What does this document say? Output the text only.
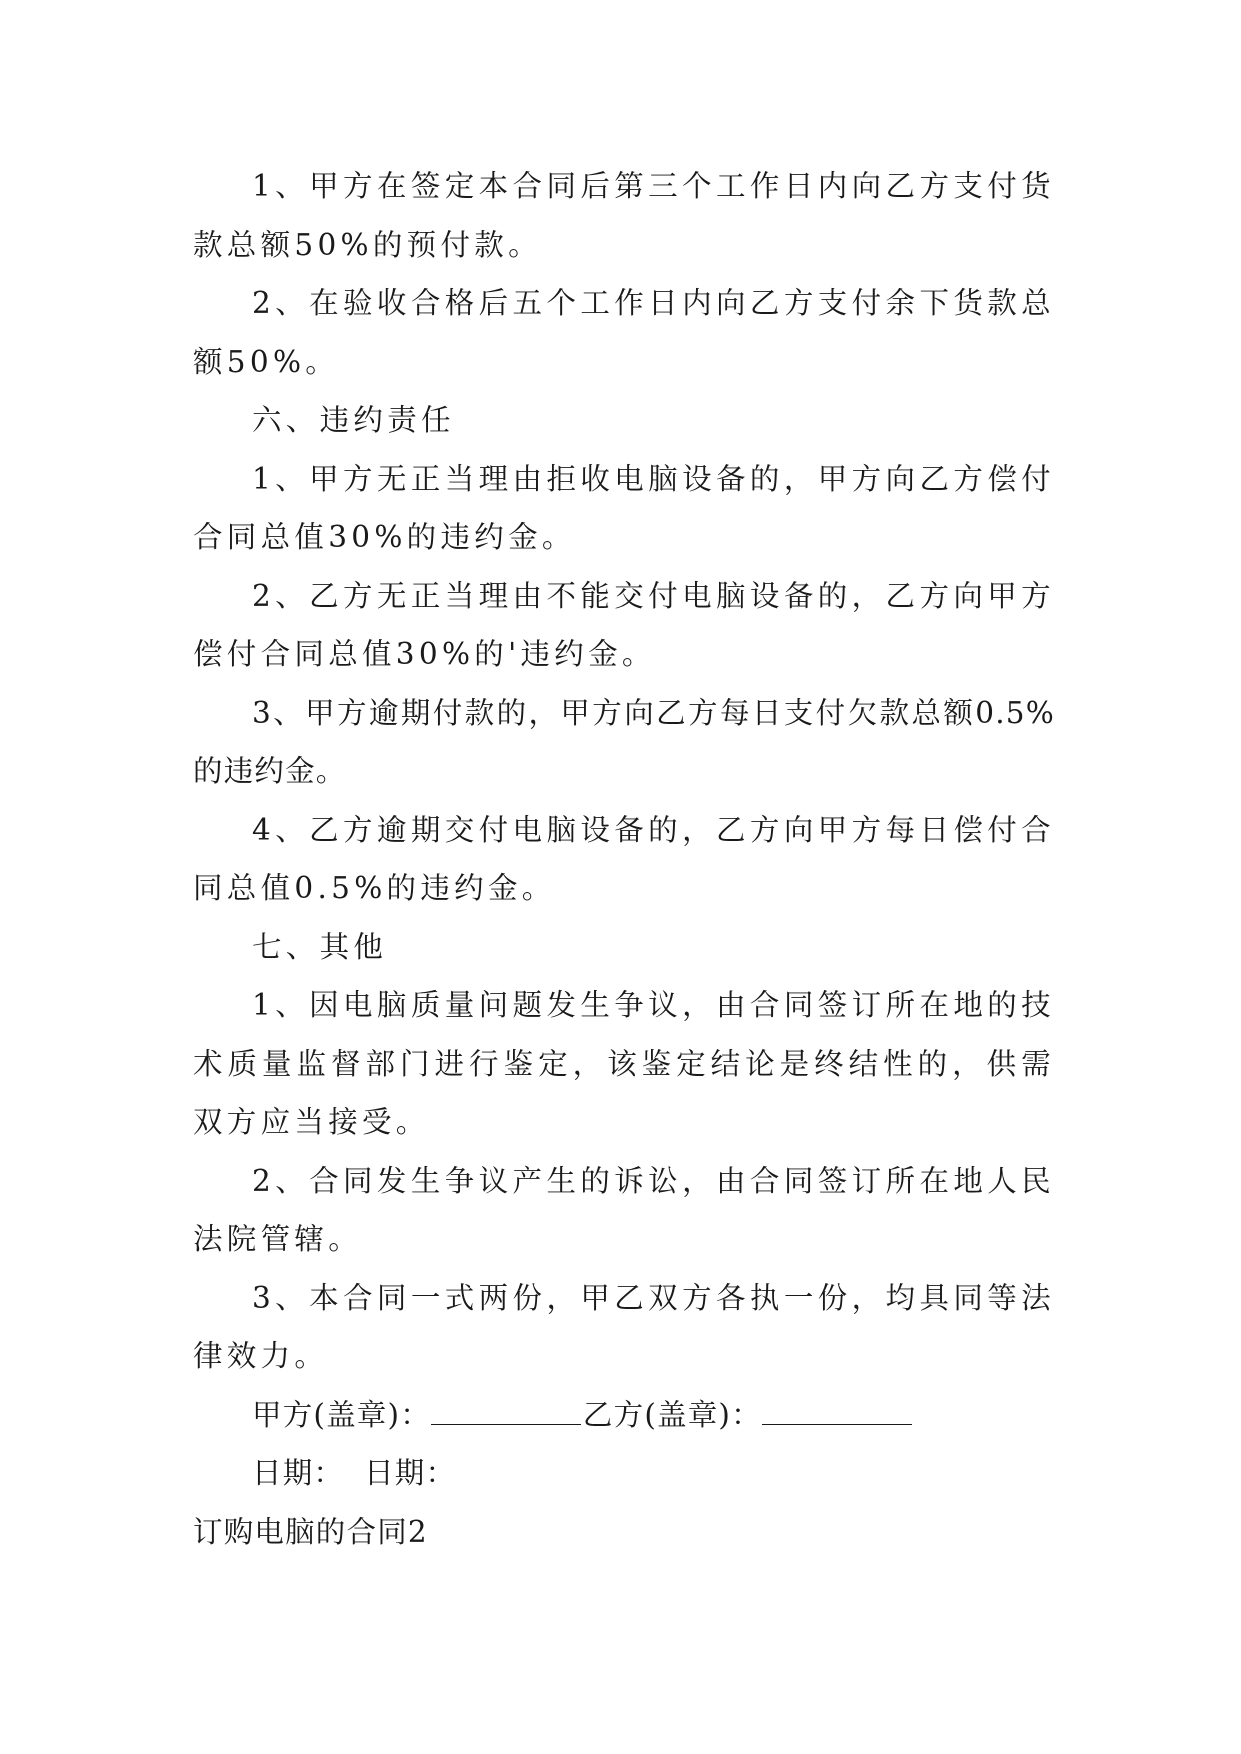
1、甲方在签定本合同后第三个工作日内向乙方支付货款总额50%的预付款。

2、在验收合格后五个工作日内向乙方支付余下货款总额50%。

六、违约责任

1、甲方无正当理由拒收电脑设备的，甲方向乙方偿付合同总值30%的违约金。

2、乙方无正当理由不能交付电脑设备的，乙方向甲方偿付合同总值30%的'违约金。

3、甲方逾期付款的，甲方向乙方每日支付欠款总额0.5%的违约金。

4、乙方逾期交付电脑设备的，乙方向甲方每日偿付合同总值0.5%的违约金。

七、其他

1、因电脑质量问题发生争议，由合同签订所在地的技术质量监督部门进行鉴定，该鉴定结论是终结性的，供需双方应当接受。

2、合同发生争议产生的诉讼，由合同签订所在地人民法院管辖。

3、本合同一式两份，甲乙双方各执一份，均具同等法律效力。

甲方(盖章)：	乙方(盖章)：

日期： 日期：

订购电脑的合同2
